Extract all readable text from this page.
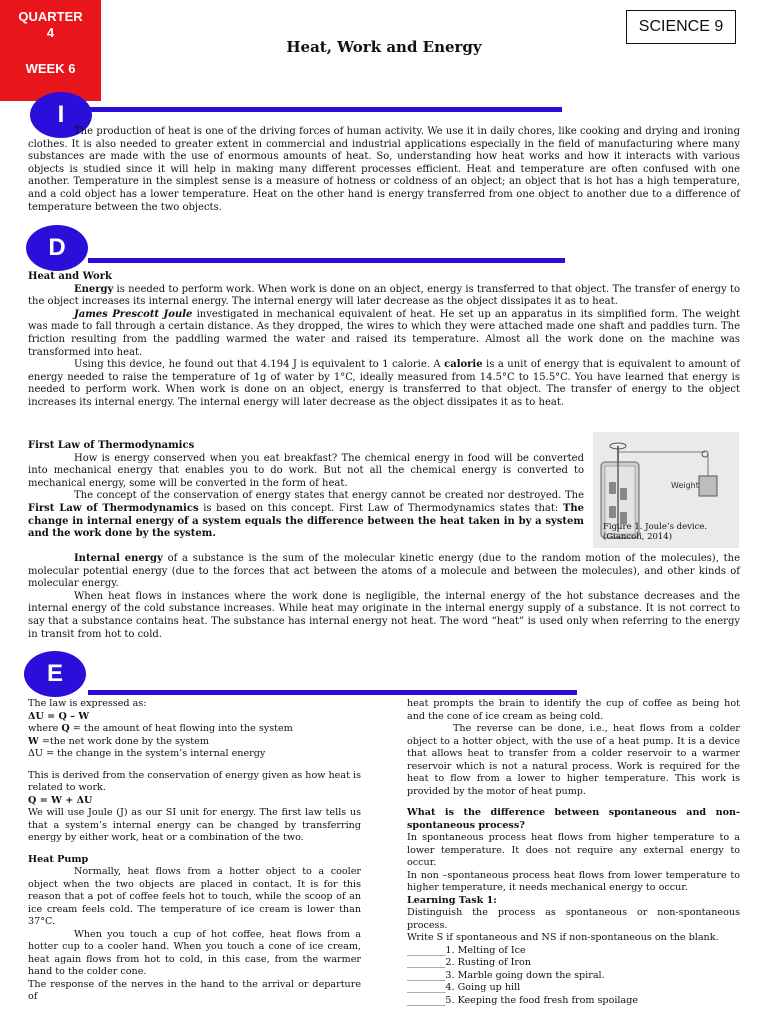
QUARTER
4
WEEK 6
SCIENCE 9
Heat, Work and Energy
I

The production of heat is one of the driving forces of human activity. We use it in daily chores, like cooking and drying and ironing clothes. It is also needed to greater extent in commercial and industrial applications especially in the field of manufacturing where many substances are made with the use of enormous amounts of heat. So, understanding how heat works and how it interacts with various objects is studied since it will help in making many different processes efficient. Heat and temperature are often confused with one another. Temperature in the simplest sense is a measure of hotness or coldness of an object; an object that is hot has a high temperature, and a cold object has a lower temperature. Heat on the other hand is energy transferred from one object to another due to a difference of temperature between the two objects.

D

Heat and Work

Energy is needed to perform work. When work is done on an object, energy is transferred to that object. The transfer of energy to the object increases its internal energy. The internal energy will later decrease as the object dissipates it as to heat.

James Prescott Joule investigated in mechanical equivalent of heat. He set up an apparatus in its simplified form. The weight was made to fall through a certain distance. As they dropped, the wires to which they were attached made one shaft and paddles turn. The friction resulting from the paddling warmed the water and raised its temperature. Almost all the work done on the machine was transformed into heat.

Using this device, he found out that 4.194 J is equivalent to 1 calorie. A calorie is a unit of energy that is equivalent to amount of energy needed to raise the temperature of 1g of water by 1°C, ideally measured from 14.5°C to 15.5°C. You have learned that energy is needed to perform work. When work is done on an object, energy is transferred to that object. The transfer of energy to the object increases its internal energy. The internal energy will later decrease as the object dissipates it as to heat.

First Law of Thermodynamics

How is energy conserved when you eat breakfast? The chemical energy in food will be converted into mechanical energy that enables you to do work. But not all the chemical energy is converted to mechanical energy, some will be converted in the form of heat.

The concept of the conservation of energy states that energy cannot be created nor destroyed. The First Law of Thermodynamics is based on this concept. First Law of Thermodynamics states that: The change in internal energy of a system equals the difference between the heat taken in by a system and the work done by the system.

Internal energy of a substance is the sum of the molecular kinetic energy (due to the random motion of the molecules), the molecular potential energy (due to the forces that act between the atoms of a molecule and between the molecules), and other kinds of molecular energy.

When heat flows in instances where the work done is negligible, the internal energy of the hot substance decreases and the internal energy of the cold substance increases. While heat may originate in the internal energy supply of a substance. It is not correct to say that a substance contains heat. The substance has internal energy not heat. The word “heat” is used only when referring to the energy in transit from hot to cold.

Weight
Figure 1. Joule’s device. (Giancoli, 2014)
E

The law is expressed as:

ΔU = Q – W

where Q = the amount of heat flowing into the system

W =the net work done by the system

ΔU = the change in the system’s internal energy

This is derived from the conservation of energy given as how heat is related to work.

Q = W + ΔU

We will use Joule (J) as our SI unit for energy. The first law tells us that a system’s internal energy can be changed by transferring energy by either work, heat or a combination of the two.

Heat Pump

Normally, heat flows from a hotter object to a cooler object when the two objects are placed in contact. It is for this reason that a pot of coffee feels hot to touch, while the scoop of an ice cream feels cold. The temperature of ice cream is lower than 37°C.

When you touch a cup of hot coffee, heat flows from a hotter cup to a cooler hand. When you touch a cone of ice cream, heat again flows from hot to cold, in this case, from the warmer hand to the colder cone.

The response of the nerves in the hand to the arrival or departure of

heat prompts the brain to identify the cup of coffee as being hot and the cone of ice cream as being cold.

The reverse can be done, i.e., heat flows from a colder object to a hotter object, with the use of a heat pump. It is a device that allows heat to transfer from a colder reservoir to a warmer reservoir which is not a natural process. Work is required for the heat to flow from a lower to higher temperature. This work is provided by the motor of heat pump.

What is the difference between spontaneous and non-spontaneous process?

In spontaneous process heat flows from higher temperature to a lower temperature. It does not require any external energy to occur.

In non –spontaneous process heat flows from lower temperature to higher temperature, it needs mechanical energy to occur.

Learning Task 1:

Distinguish the process as spontaneous or non-spontaneous process.

Write S if spontaneous and NS if non-spontaneous on the blank.

________1. Melting of Ice

________2. Rusting of Iron

________3. Marble going down the spiral.

________4. Going up hill

________5. Keeping the food fresh from spoilage
